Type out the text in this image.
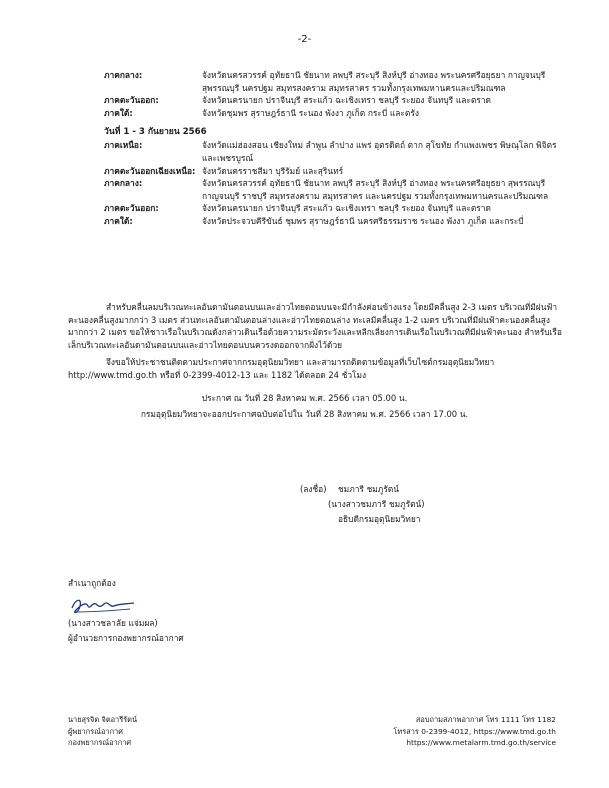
-2-
ภาคกลาง:	จังหวัดนครสวรรค์ อุทัยธานี ชัยนาท ลพบุรี สระบุรี สิงห์บุรี อ่างทอง พระนครศรีอยุธยา กาญจนบุรี สุพรรณบุรี นครปฐม สมุทรสงคราม สมุทรสาคร รวมทั้งกรุงเทพมหานครและปริมณฑล
ภาคตะวันออก:	จังหวัดนครนายก ปราจีนบุรี สระแก้ว ฉะเชิงเทรา ชลบุรี ระยอง จันทบุรี และตราด
ภาคใต้:	จังหวัดชุมพร สุราษฎร์ธานี ระนอง พังงา ภูเก็ต กระบี่ และตรัง
วันที่ 1 - 3 กันยายน 2566
ภาคเหนือ:	จังหวัดแม่ฮ่องสอน เชียงใหม่ ลำพูน ลำปาง แพร่ อุตรดิตถ์ ตาก สุโขทัย กำแพงเพชร พิษณุโลก พิจิตร และเพชรบูรณ์
ภาคตะวันออกเฉียงเหนือ: จังหวัดนครราชสีมา บุรีรัมย์ และสุรินทร์
ภาคกลาง:	จังหวัดนครสวรรค์ อุทัยธานี ชัยนาท ลพบุรี สระบุรี สิงห์บุรี อ่างทอง พระนครศรีอยุธยา สุพรรณบุรี กาญจนบุรี ราชบุรี สมุทรสงคราม สมุทรสาคร และนครปฐม รวมทั้งกรุงเทพมหานครและปริมณฑล
ภาคตะวันออก:	จังหวัดนครนายก ปราจีนบุรี สระแก้ว ฉะเชิงเทรา ชลบุรี ระยอง จันทบุรี และตราด
ภาคใต้:	จังหวัดประจวบคีรีขันธ์ ชุมพร สุราษฎร์ธานี นครศรีธรรมราช ระนอง พังงา ภูเก็ต และกระบี่
สำหรับคลื่นลมบริเวณทะเลอันดามันตอนบนและอ่าวไทยตอนบนจะมีกำลังค่อนข้างแรง โดยมีคลื่นสูง 2-3 เมตร บริเวณที่มีฝนฟ้าคะนองคลื่นสูงมากกว่า 3 เมตร ส่วนทะเลอันดามันตอนล่างและอ่าวไทยตอนล่าง ทะเลมีคลื่นสูง 1-2 เมตร บริเวณที่มีฝนฟ้าคะนองคลื่นสูงมากกว่า 2 เมตร ขอให้ชาวเรือในบริเวณดังกล่าวเดินเรือด้วยความระมัดระวังและหลีกเลี่ยงการเดินเรือในบริเวณที่มีฝนฟ้าคะนอง สำหรับเรือเล็กบริเวณทะเลอันดามันตอนบนและอ่าวไทยตอนบนควรงดออกจากฝั่งไว้ด้วย
จึงขอให้ประชาชนติดตามประกาศจากกรมอุตุนิยมวิทยา และสามารถติดตามข้อมูลที่เว็บไซต์กรมอุตุนิยมวิทยา http://www.tmd.go.th หรือที่ 0-2399-4012-13 และ 1182 ได้ตลอด 24 ชั่วโมง
ประกาศ ณ วันที่ 28 สิงหาคม พ.ศ. 2566 เวลา 05.00 น.
กรมอุตุนิยมวิทยาจะออกประกาศฉบับต่อไปใน วันที่ 28 สิงหาคม พ.ศ. 2566 เวลา 17.00 น.
(ลงชื่อ) ชมภารี ชมภูรัตน์
(นางสาวชมภารี ชมภูรัตน์)
อธิบดีกรมอุตุนิยมวิทยา
สำเนาถูกต้อง
(นางสาวชลาลัย แจ่มผล)
ผู้อำนวยการกองพยากรณ์อากาศ
นายสุรจิต จิตอารีรัตน์
ผู้พยากรณ์อากาศ
กองพยากรณ์อากาศ
สอบถามสภาพอากาศ โทร 1111 โทร 1182
โทรสาร 0-2399-4012, https://www.tmd.go.th
https://www.metalarm.tmd.go.th/service
